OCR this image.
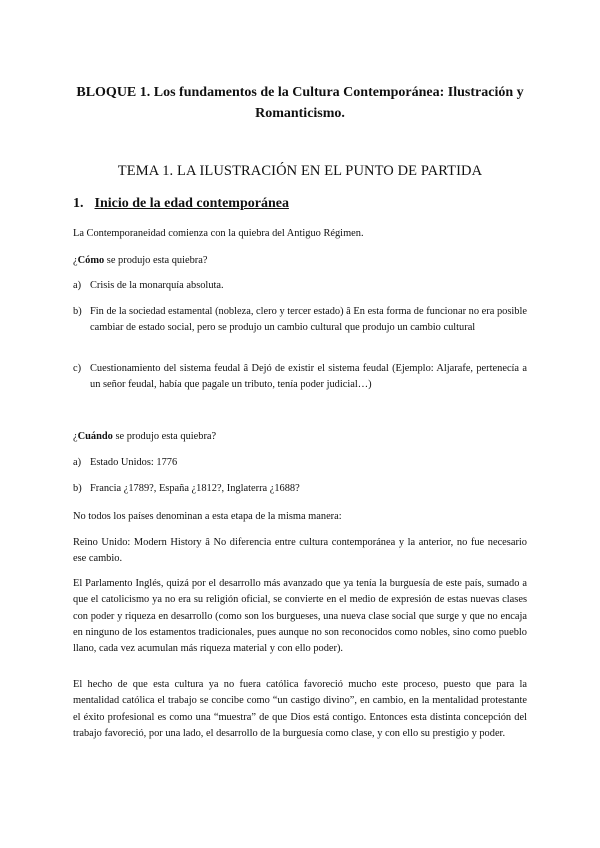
BLOQUE 1. Los fundamentos de la Cultura Contemporánea: Ilustración y Romanticismo.
TEMA 1. LA ILUSTRACIÓN EN EL PUNTO DE PARTIDA
1. Inicio de la edad contemporánea
La Contemporaneidad comienza con la quiebra del Antiguo Régimen.
¿Cómo se produjo esta quiebra?
a) Crisis de la monarquía absoluta.
b) Fin de la sociedad estamental (nobleza, clero y tercer estado) â En esta forma de funcionar no era posible cambiar de estado social, pero se produjo un cambio cultural que produjo un cambio cultural
c) Cuestionamiento del sistema feudal â Dejó de existir el sistema feudal (Ejemplo: Aljarafe, pertenecía a un señor feudal, había que pagale un tributo, tenía poder judicial…)
¿Cuándo se produjo esta quiebra?
a) Estado Unidos: 1776
b) Francia ¿1789?, España ¿1812?, Inglaterra ¿1688?
No todos los países denominan a esta etapa de la misma manera:
Reino Unido: Modern History â No diferencia entre cultura contemporánea y la anterior, no fue necesario ese cambio.
El Parlamento Inglés, quizá por el desarrollo más avanzado que ya tenía la burguesía de este país, sumado a que el catolicismo ya no era su religión oficial, se convierte en el medio de expresión de estas nuevas clases con poder y riqueza en desarrollo (como son los burgueses, una nueva clase social que surge y que no encaja en ninguno de los estamentos tradicionales, pues aunque no son reconocidos como nobles, sino como pueblo llano, cada vez acumulan más riqueza material y con ello poder).
El hecho de que esta cultura ya no fuera católica favoreció mucho este proceso, puesto que para la mentalidad católica el trabajo se concibe como “un castigo divino”, en cambio, en la mentalidad protestante el éxito profesional es como una “muestra” de que Dios está contigo. Entonces esta distinta concepción del trabajo favoreció, por una lado, el desarrollo de la burguesía como clase, y con ello su prestigio y poder.
